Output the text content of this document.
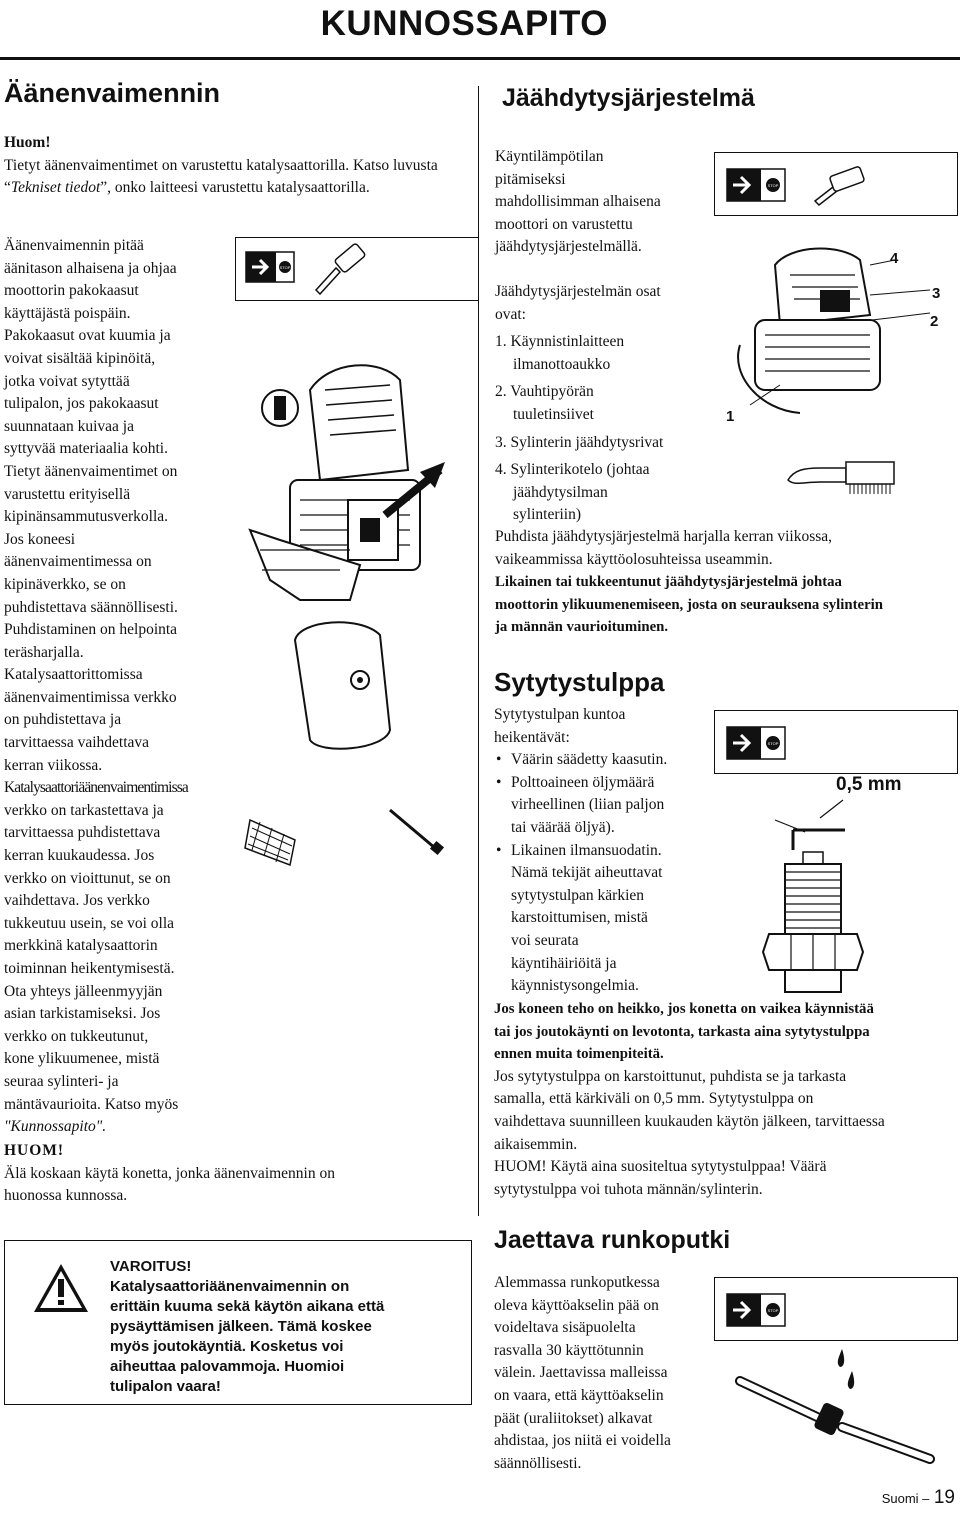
KUNNOSSAPITO
Äänenvaimennin

Huom!

Tietyt äänenvaimentimet on varustettu katalysaattorilla. Katso luvusta “Tekniset tiedot”, onko laitteesi varustettu katalysaattorilla.

Äänenvaimennin pitää

äänitason alhaisena ja ohjaa

moottorin pakokaasut

käyttäjästä poispäin.

Pakokaasut ovat kuumia ja

voivat sisältää kipinöitä,

jotka voivat sytyttää

tulipalon, jos pakokaasut

suunnataan kuivaa ja

syttyvää materiaalia kohti.

Tietyt äänenvaimentimet on

varustettu erityisellä

kipinänsammutusverkolla.

Jos koneesi

äänenvaimentimessa on

kipinäverkko, se on

puhdistettava säännöllisesti.

Puhdistaminen on helpointa

teräsharjalla.

Katalysaattorittomissa

äänenvaimentimissa verkko

on puhdistettava ja

tarvittaessa vaihdettava

kerran viikossa.

Katalysaattoriäänenvaimentimissa

verkko on tarkastettava ja

tarvittaessa puhdistettava

kerran kuukaudessa. Jos

verkko on vioittunut, se on

vaihdettava. Jos verkko

tukkeutuu usein, se voi olla

merkkinä katalysaattorin

toiminnan heikentymisestä.

Ota yhteys jälleenmyyjän

asian tarkistamiseksi. Jos

verkko on tukkeutunut,

kone ylikuumenee, mistä

seuraa sylinteri- ja

mäntävaurioita. Katso myös

"Kunnossapito".

HUOM!

Älä koskaan käytä konetta, jonka äänenvaimennin on

huonossa kunnossa.

STOP
VAROITUS!
Katalysaattoriäänenvaimennin on
erittäin kuuma sekä käytön aikana että
pysäyttämisen jälkeen. Tämä koskee
myös joutokäyntiä. Kosketus voi
aiheuttaa palovammoja. Huomioi
tulipalon vaara!
Jäähdytysjärjestelmä

Käyntilämpötilan

pitämiseksi

mahdollisimman alhaisena

moottori on varustettu

jäähdytysjärjestelmällä.

STOP

Jäähdytysjärjestelmän osat

ovat:

1. Käynnistinlaitteen

ilmanottoaukko

2. Vauhtipyörän

tuuletinsiivet

3. Sylinterin jäähdytysrivat

4. Sylinterikotelo (johtaa

jäähdytysilman

sylinteriin)

1
2
3
4

Puhdista jäähdytysjärjestelmä harjalla kerran viikossa,

vaikeammissa käyttöolosuhteissa useammin.

Likainen tai tukkeentunut jäähdytysjärjestelmä johtaa

moottorin ylikuumenemiseen, josta on seurauksena sylinterin

ja männän vaurioituminen.

Sytytystulppa

Sytytystulpan kuntoa

heikentävät:

• Väärin säädetty kaasutin.
• Polttoaineen öljymäärä
virheellinen (liian paljon
tai väärää öljyä).
• Likainen ilmansuodatin.
Nämä tekijät aiheuttavat
sytytystulpan kärkien
karstoittumisen, mistä
voi seurata
käyntihäiriöitä ja
käynnistysongelmia.
STOP
0,5 mm

Jos koneen teho on heikko, jos konetta on vaikea käynnistää

tai jos joutokäynti on levotonta, tarkasta aina sytytystulppa

ennen muita toimenpiteitä.

Jos sytytystulppa on karstoittunut, puhdista se ja tarkasta

samalla, että kärkiväli on 0,5 mm. Sytytystulppa on

vaihdettava suunnilleen kuukauden käytön jälkeen, tarvittaessa

aikaisemmin.

HUOM! Käytä aina suositeltua sytytystulppaa! Väärä

sytytystulppa voi tuhota männän/sylinterin.

Jaettava runkoputki

Alemmassa runkoputkessa

oleva käyttöakselin pää on

voideltava sisäpuolelta

rasvalla 30 käyttötunnin

välein. Jaettavissa malleissa

on vaara, että käyttöakselin

päät (uraliitokset) alkavat

ahdistaa, jos niitä ei voidella

säännöllisesti.

STOP
Suomi – 19
